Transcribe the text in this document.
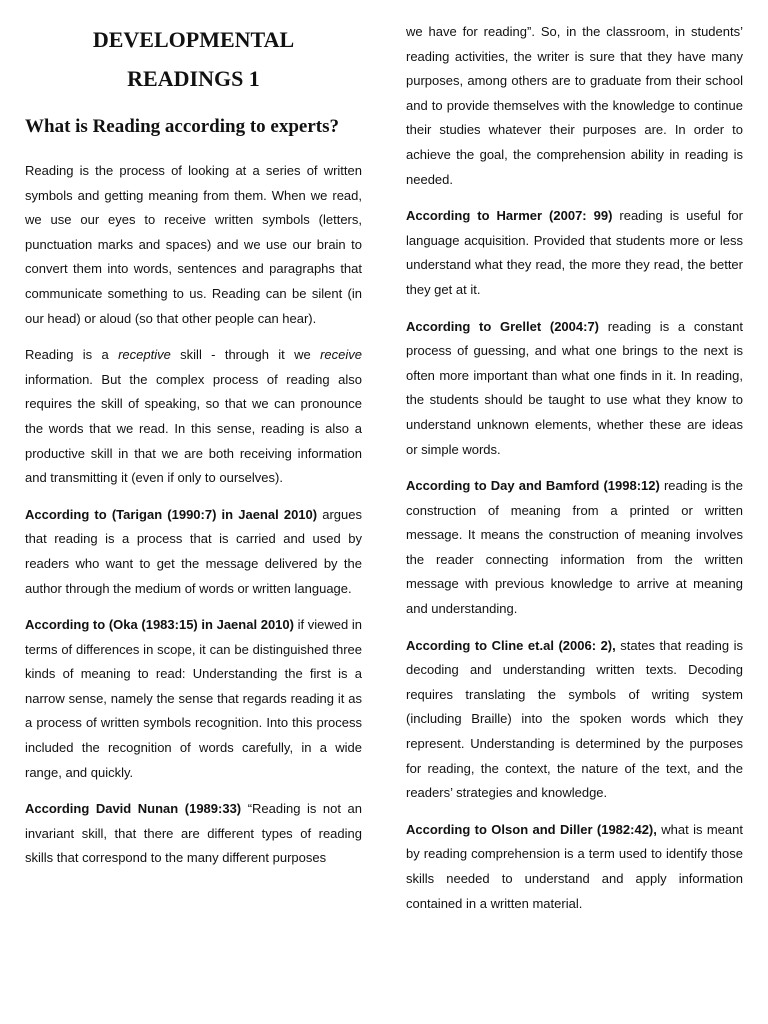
DEVELOPMENTAL
READINGS 1
What is Reading according to experts?

Reading is the process of looking at a series of written symbols and getting meaning from them. When we read, we use our eyes to receive written symbols (letters, punctuation marks and spaces) and we use our brain to convert them into words, sentences and paragraphs that communicate something to us. Reading can be silent (in our head) or aloud (so that other people can hear).

Reading is a receptive skill - through it we receive information. But the complex process of reading also requires the skill of speaking, so that we can pronounce the words that we read. In this sense, reading is also a productive skill in that we are both receiving information and transmitting it (even if only to ourselves).

According to (Tarigan (1990:7) in Jaenal 2010) argues that reading is a process that is carried and used by readers who want to get the message delivered by the author through the medium of words or written language.

According to (Oka (1983:15) in Jaenal 2010) if viewed in terms of differences in scope, it can be distinguished three kinds of meaning to read: Understanding the first is a narrow sense, namely the sense that regards reading it as a process of written symbols recognition. Into this process included the recognition of words carefully, in a wide range, and quickly.

According David Nunan (1989:33) “Reading is not an invariant skill, that there are different types of reading skills that correspond to the many different purposes

we have for reading”. So, in the classroom, in students’ reading activities, the writer is sure that they have many purposes, among others are to graduate from their school and to provide themselves with the knowledge to continue their studies whatever their purposes are. In order to achieve the goal, the comprehension ability in reading is needed.

According to Harmer (2007: 99) reading is useful for language acquisition. Provided that students more or less understand what they read, the more they read, the better they get at it.

According to Grellet (2004:7) reading is a constant process of guessing, and what one brings to the next is often more important than what one finds in it. In reading, the students should be taught to use what they know to understand unknown elements, whether these are ideas or simple words.

According to Day and Bamford (1998:12) reading is the construction of meaning from a printed or written message. It means the construction of meaning involves the reader connecting information from the written message with previous knowledge to arrive at meaning and understanding.

According to Cline et.al (2006: 2), states that reading is decoding and understanding written texts. Decoding requires translating the symbols of writing system (including Braille) into the spoken words which they represent. Understanding is determined by the purposes for reading, the context, the nature of the text, and the readers’ strategies and knowledge.

According to Olson and Diller (1982:42), what is meant by reading comprehension is a term used to identify those skills needed to understand and apply information contained in a written material.
